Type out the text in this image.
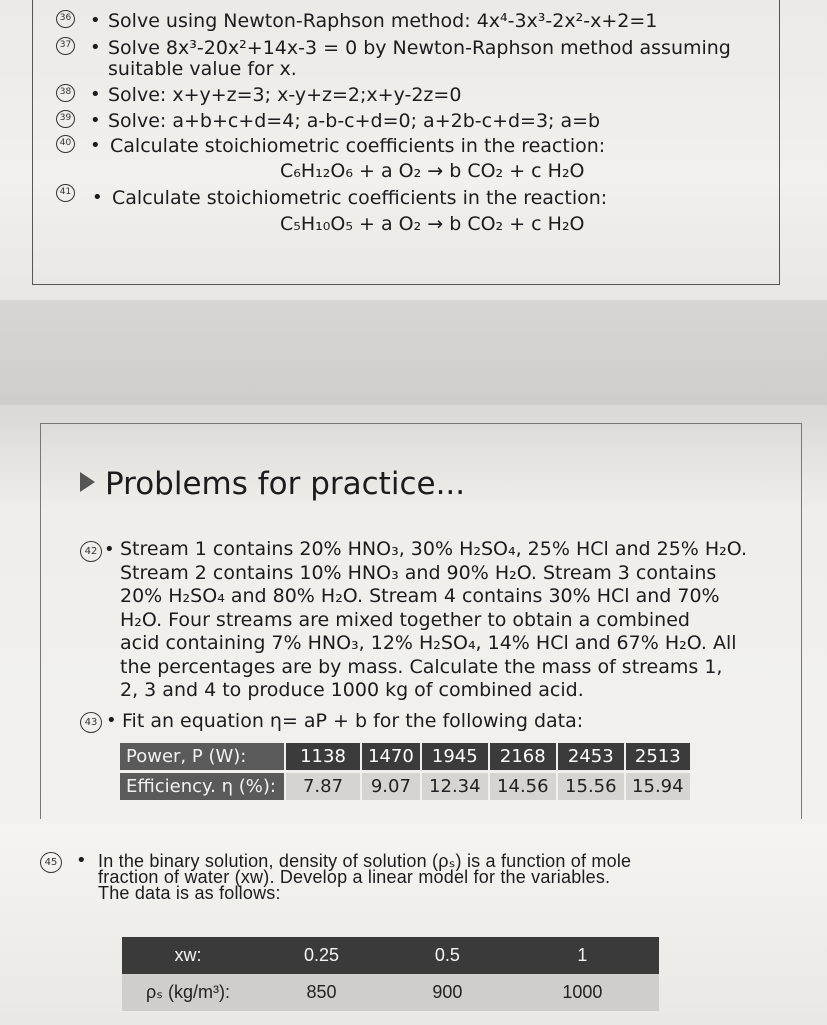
36 • Solve using Newton-Raphson method: 4x⁴-3x³-2x²-x+2=1
37 • Solve 8x³-20x²+14x-3 = 0 by Newton-Raphson method assuming
suitable value for x.
38 • Solve: x+y+z=3; x-y+z=2;x+y-2z=0
39 • Solve: a+b+c+d=4; a-b-c+d=0; a+2b-c+d=3; a=b
40 • Calculate stoichiometric coefficients in the reaction:
C₆H₁₂O₆ + a O₂ → b CO₂ + c H₂O
41 • Calculate stoichiometric coefficients in the reaction:
C₅H₁₀O₅ + a O₂ → b CO₂ + c H₂O
Problems for practice...
42 • Stream 1 contains 20% HNO₃, 30% H₂SO₄, 25% HCl and 25% H₂O.
Stream 2 contains 10% HNO₃ and 90% H₂O. Stream 3 contains
20% H₂SO₄ and 80% H₂O. Stream 4 contains 30% HCl and 70%
H₂O. Four streams are mixed together to obtain a combined
acid containing 7% HNO₃, 12% H₂SO₄, 14% HCl and 67% H₂O. All
the percentages are by mass. Calculate the mass of streams 1,
2, 3 and 4 to produce 1000 kg of combined acid.
43 • Fit an equation η= aP + b for the following data:
Power, P (W):	1138	1470	1945	2168	2453	2513
Efficiency. η (%):	7.87	9.07	12.34	14.56	15.56	15.94
45 • In the binary solution, density of solution (ρₛ) is a function of mole
fraction of water (xw). Develop a linear model for the variables.
The data is as follows:
xw:	0.25	0.5	1
ρₛ (kg/m³):	850	900	1000
